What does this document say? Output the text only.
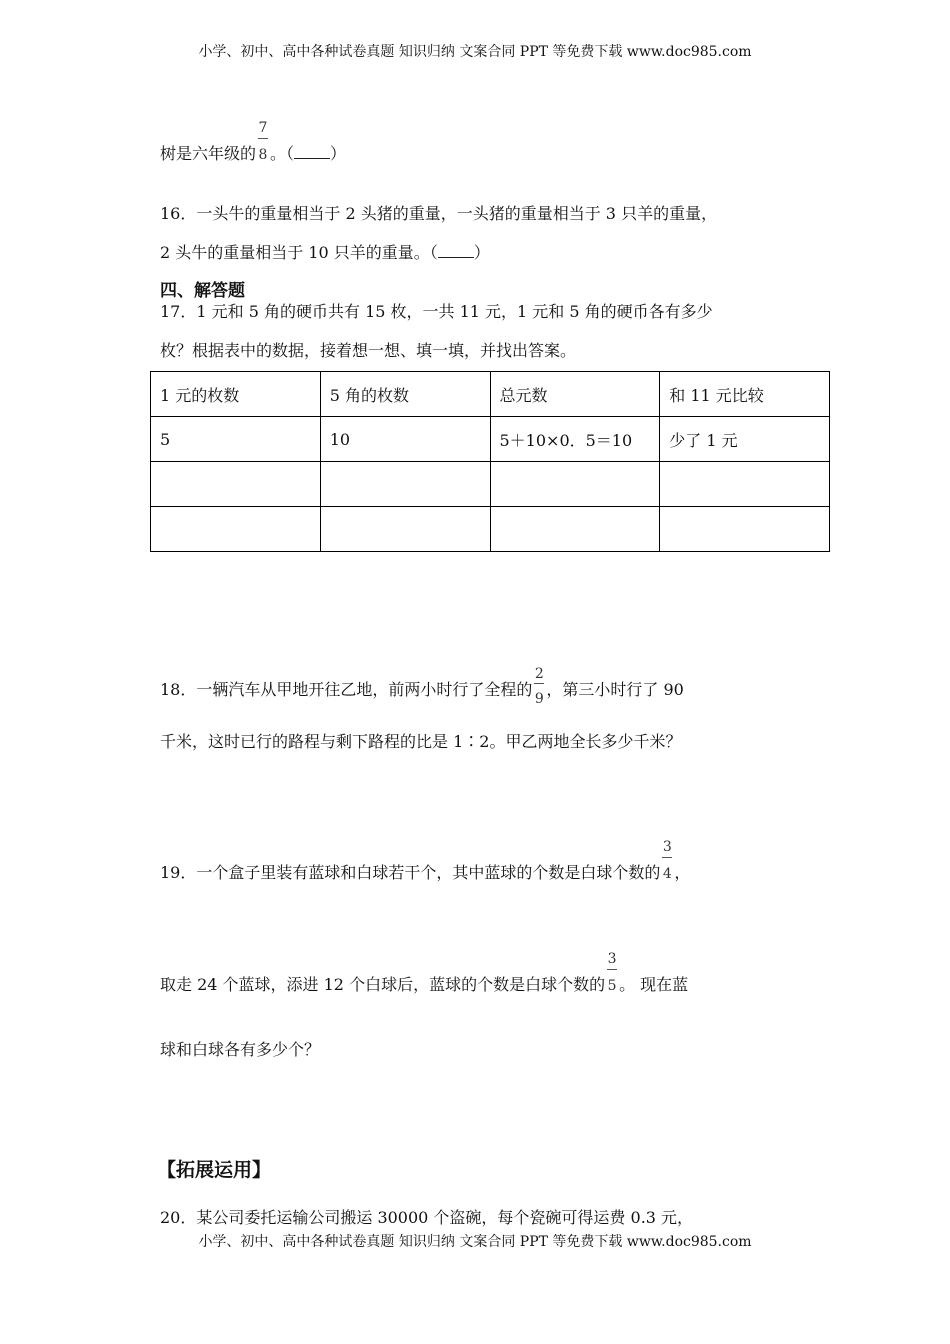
小学、初中、高中各种试卷真题 知识归纳 文案合同 PPT 等免费下载 www.doc985.com
树是六年级的 $\frac{7}{8}$。（ ）
16．一头牛的重量相当于 2 头猪的重量，一头猪的重量相当于 3 只羊的重量，
2 头牛的重量相当于 10 只羊的重量。（ ）
四、解答题
17．1 元和 5 角的硬币共有 15 枚，一共 11 元，1 元和 5 角的硬币各有多少
枚？根据表中的数据，接着想一想、填一填，并找出答案。
1 元的枚数	5 角的枚数	总元数	和 11 元比较
5	10	5＋10×0．5＝10	少了 1 元

18．一辆汽车从甲地开往乙地，前两小时行了全程的 $\frac{2}{9}$，第三小时行了 90
千米，这时已行的路程与剩下路程的比是 1∶2。甲乙两地全长多少千米？
19．一个盒子里装有蓝球和白球若干个，其中蓝球的个数是白球个数的 $\frac{3}{4}$，
取走 24 个蓝球，添进 12 个白球后，蓝球的个数是白球个数的 $\frac{3}{5}$。 现在蓝
球和白球各有多少个？
【拓展运用】
20．某公司委托运输公司搬运 30000 个盗碗，每个瓷碗可得运费 0.3 元，
小学、初中、高中各种试卷真题 知识归纳 文案合同 PPT 等免费下载 www.doc985.com
